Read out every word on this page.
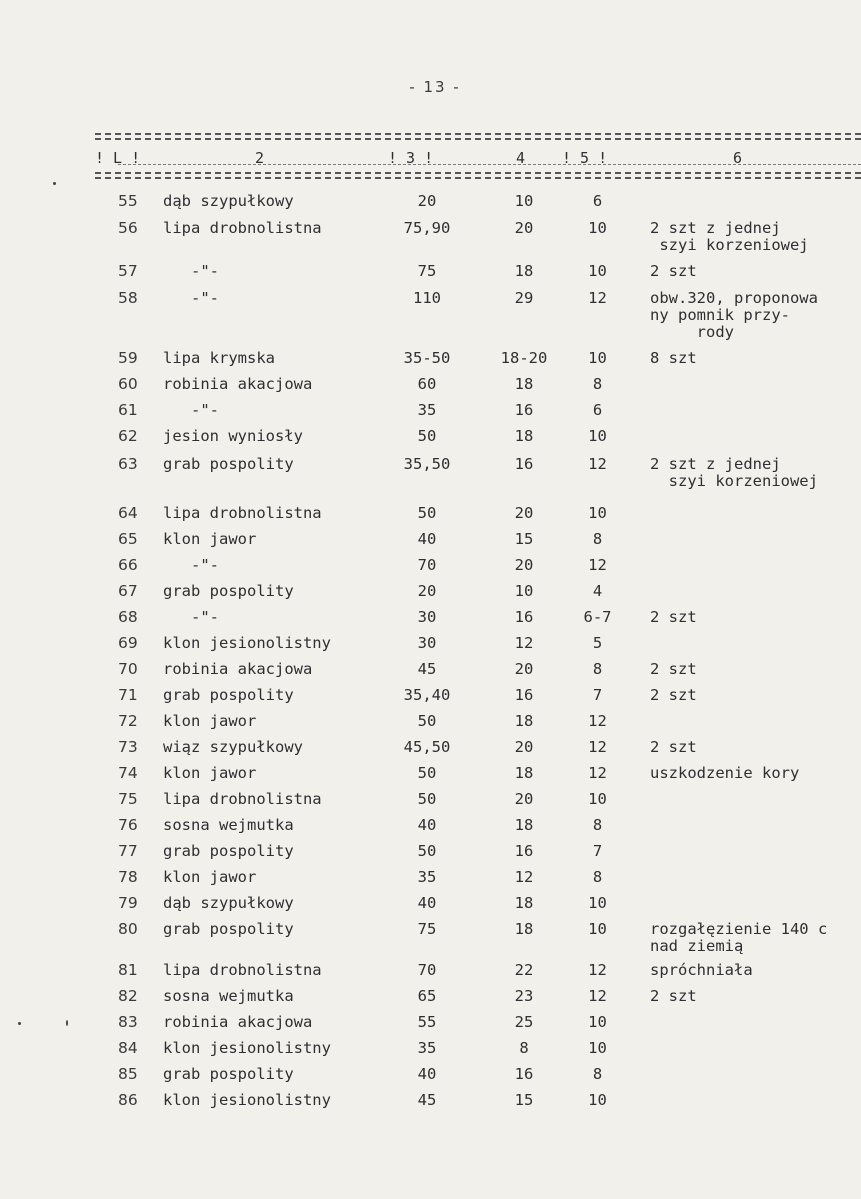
- 13 -
! L !	2	! 3 !	4 ! 5 !	6
55	dąb szypułkowy	20	10	6
56	lipa drobnolistna	75,90	20	10	2 szt z jednej
szyi korzeniowej
57	-"-	75	18	10	2 szt
58	-"-	110	29	12	obw.320, proponowa
ny pomnik przy-
rody
59	lipa krymska	35-50	18-20	10	8 szt
60	robinia akacjowa	60	18	8
61	-"-	35	16	6
62	jesion wyniosły	50	18	10
63	grab pospolity	35,50	16	12	2 szt z jednej
szyi korzeniowej
64	lipa drobnolistna	50	20	10
65	klon jawor	40	15	8
66	-"-	70	20	12
67	grab pospolity	20	10	4
68	-"-	30	16	6-7	2 szt
69	klon jesionolistny	30	12	5
70	robinia akacjowa	45	20	8	2 szt
71	grab pospolity	35,40	16	7	2 szt
72	klon jawor	50	18	12
73	wiąz szypułkowy	45,50	20	12	2 szt
74	klon jawor	50	18	12	uszkodzenie kory
75	lipa drobnolistna	50	20	10
76	sosna wejmutka	40	18	8
77	grab pospolity	50	16	7
78	klon jawor	35	12	8
79	dąb szypułkowy	40	18	10
80	grab pospolity	75	18	10	rozgałęzienie 140 c
nad ziemią
81	lipa drobnolistna	70	22	12	spróchniała
82	sosna wejmutka	65	23	12	2 szt
83	robinia akacjowa	55	25	10
84	klon jesionolistny	35	8	10
85	grab pospolity	40	16	8
86	klon jesionolistny	45	15	10
